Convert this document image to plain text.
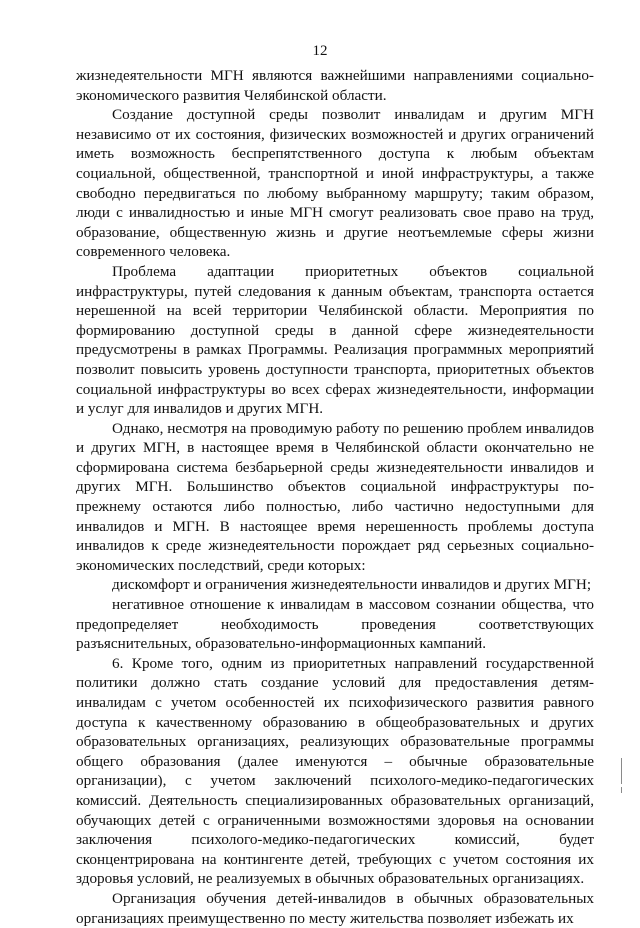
12

жизнедеятельности МГН являются важнейшими направлениями социально-экономического развития Челябинской области.

Создание доступной среды позволит инвалидам и другим МГН независимо от их состояния, физических возможностей и других ограничений иметь возможность беспрепятственного доступа к любым объектам социальной, общественной, транспортной и иной инфраструктуры, а также свободно передвигаться по любому выбранному маршруту; таким образом, люди с инвалидностью и иные МГН смогут реализовать свое право на труд, образование, общественную жизнь и другие неотъемлемые сферы жизни современного человека.

Проблема адаптации приоритетных объектов социальной инфраструктуры, путей следования к данным объектам, транспорта остается нерешенной на всей территории Челябинской области. Мероприятия по формированию доступной среды в данной сфере жизнедеятельности предусмотрены в рамках Программы. Реализация программных мероприятий позволит повысить уровень доступности транспорта, приоритетных объектов социальной инфраструктуры во всех сферах жизнедеятельности, информации и услуг для инвалидов и других МГН.

Однако, несмотря на проводимую работу по решению проблем инвалидов и других МГН, в настоящее время в Челябинской области окончательно не сформирована система безбарьерной среды жизнедеятельности инвалидов и других МГН. Большинство объектов социальной инфраструктуры по-прежнему остаются либо полностью, либо частично недоступными для инвалидов и МГН. В настоящее время нерешенность проблемы доступа инвалидов к среде жизнедеятельности порождает ряд серьезных социально-экономических последствий, среди которых:

дискомфорт и ограничения жизнедеятельности инвалидов и других МГН;

негативное отношение к инвалидам в массовом сознании общества, что предопределяет необходимость проведения соответствующих разъяснительных, образовательно-информационных кампаний.

6. Кроме того, одним из приоритетных направлений государственной политики должно стать создание условий для предоставления детям-инвалидам с учетом особенностей их психофизического развития равного доступа к качественному образованию в общеобразовательных и других образовательных организациях, реализующих образовательные программы общего образования (далее именуются – обычные образовательные организации), с учетом заключений психолого-медико-педагогических комиссий. Деятельность специализированных образовательных организаций, обучающих детей с ограниченными возможностями здоровья на основании заключения психолого-медико-педагогических комиссий, будет сконцентрирована на контингенте детей, требующих с учетом состояния их здоровья условий, не реализуемых в обычных образовательных организациях.

Организация обучения детей-инвалидов в обычных образовательных организациях преимущественно по месту жительства позволяет избежать их
